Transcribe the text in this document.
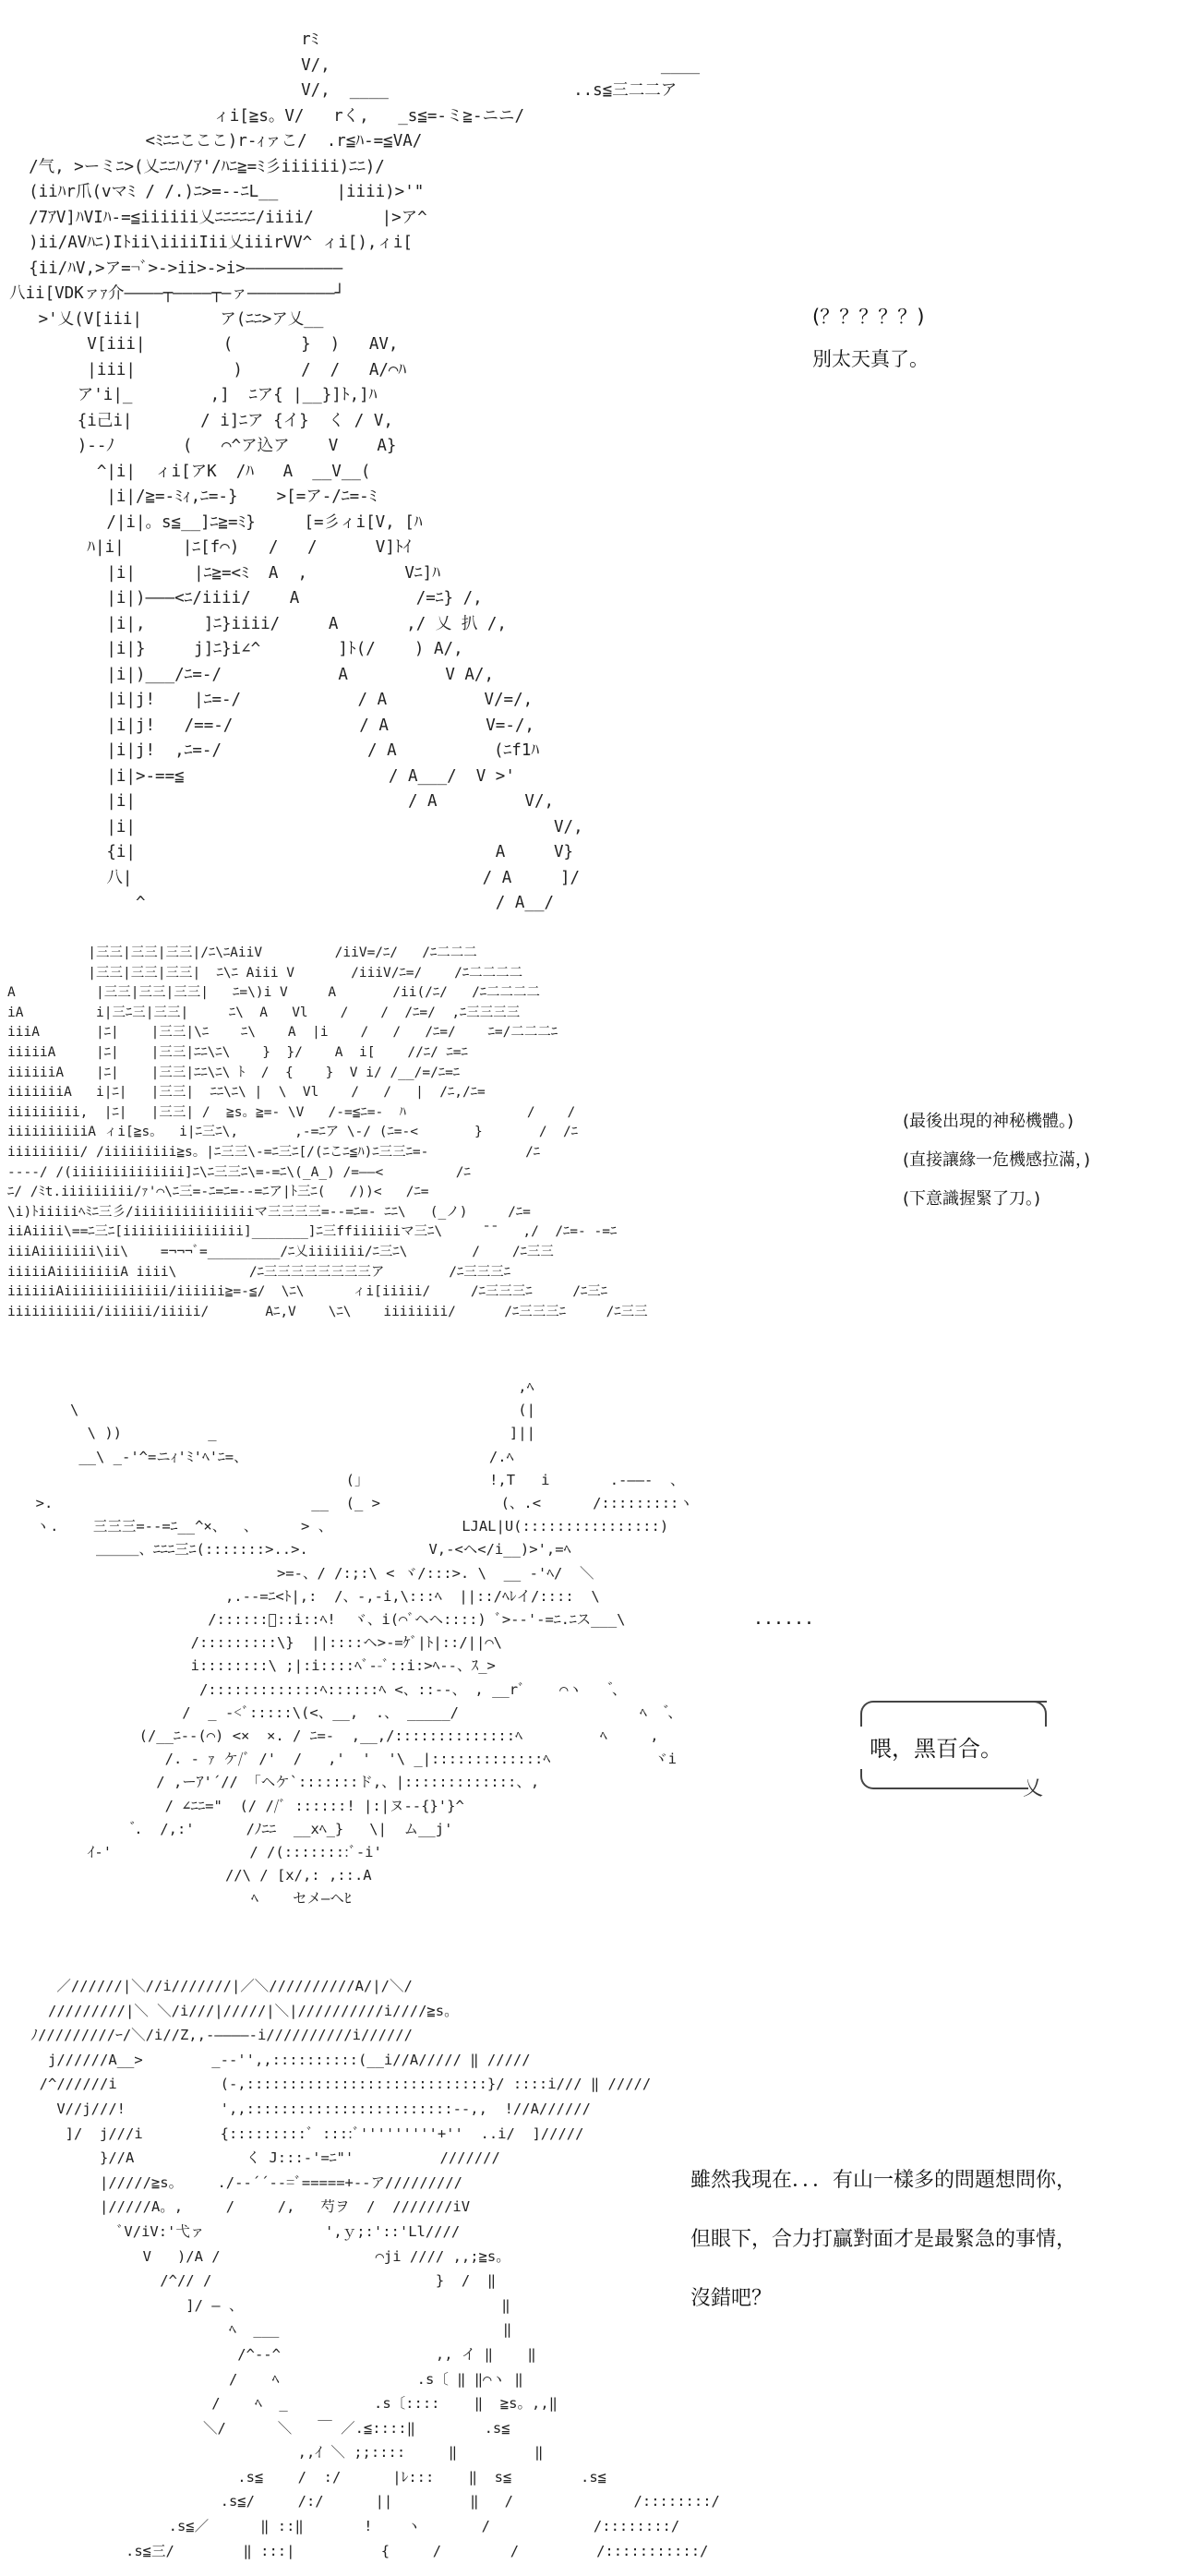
rﾐ
V/,                                  ____
V/,  ____                   ..s≦三二二ア
ィi[≧s。V/   rく,   _s≦=-ミ≧-ニニ/
<ﾐﾆﾆこここ)r-ｨァこ/  .r≦ﾊ-=≦VA/
/气, >ーミﾆ>(乂ﾆﾆﾊ/ｱ'/ﾊﾆ≧=ﾐ彡iiiiii)ﾆﾆ)/
(iiﾊr爪(vマﾐ / /.)ﾆ>=--ﾆL__      |iiii)>'"
/7ｱV]ﾊVIﾊ-=≦iiiiii乂ﾆﾆﾆﾆﾆ/iiii/       |>ア^
)ii/AVﾊﾆ)Iﾄii\iiiiIii乂iiirVV^ ィi[),ィi[
{ii/ﾊV,>ア=¬ﾞ>->ii>->i>――――――――――
八ii[VDKァｧ介――――┬――――┬―ァ―――――――――┘
>'乂(V[iii|        ア(ﾆﾆ>ア乂__
V[iii|        (       }  )   AV,
|iii|          )      /  /   A/⌒ﾊ
ア'i|_        ,]  ﾆア{ |__}]ﾄ,]ﾊ
{i己i|       / i]ﾆア {イ}  く / V,
)--ﾉ       (   ⌒^ア込ア    V    A}
^|i|  ィi[アK  /ﾊ   A  __V__(
|i|/≧=-ﾐｨ,ﾆ=-}    >[=ア-/ﾆ=-ﾐ
/|i|。s≦__]ﾆ≧=ﾐ}     [=彡ィi[V, [ﾊ
ﾊ|i|      |ﾆ[f⌒)   /   /      V]ﾄｲ
|i|      |ﾆ≧=<ﾐ  A  ,          Vﾆ]ﾊ
|i|)―――<ﾆ/iiii/    A            /=ﾆ} /,
|i|,      ]ﾆ}iiii/     A       ,/ 乂 扒 /,
|i|}     j]ﾆ}i∠^        ]ﾄ(/    ) A/,
|i|)___/ﾆ=-/            A          V A/,
|i|j!    |ﾆ=-/            / A          V/=/,
|i|j!   /==-/             / A          V=-/,
|i|j!  ,ﾆ=-/               / A          (ﾆf1ﾊ
|i|>-==≦                     / A___/  V >'
|i|                            / A         V/,
|i|                                           V/,
{i|                                     A     V}
八|                                    / A     ]/
^                                    / A__/
(？？？？？)
別太天真了。
|三三|三三|三三|/ﾆ\ﾆAiiV         /iiV=/ﾆ/   /ﾆ二二二
|三三|三三|三三|  ﾆ\ﾆ Aiii V       /iiiV/ﾆ=/    /ﾆ二二二二
A          |三三|三三|三三|   ﾆ=\)i V     A       /ii(/ﾆ/   /ﾆ二二二二
iA         i|三ﾆ三|三三|     ﾆ\  A   Vl    /    /  /ﾆ=/  ,ﾆ三三三三
iiiA       |ﾆ|    |三三|\ﾆ    ﾆ\    A  |i    /   /   /ﾆ=/    ﾆ=/二二二ﾆ
iiiiiA     |ﾆ|    |三三|ﾆﾆ\ﾆ\    }  }/    A  i[    //ﾆ/ ﾆ=ﾆ
iiiiiiA    |ﾆ|    |三三|ﾆﾆ\ﾆ\ ﾄ  /  {    }  V i/ /__/=/ﾆ=ﾆ
iiiiiiiA   i|ﾆ|   |三三|  ﾆﾆ\ﾆ\ |  \  Vl    /   /   |  /ﾆ,/ﾆ=
iiiiiiiii,  |ﾆ|   |三三| /  ≧s。≧=- \V   /-=≦ﾆ=-  ﾊ               /    /
iiiiiiiiiiA ィi[≧s。  i|ﾆ三ﾆ\,       ,-=ﾆア \-/ (ﾆ=-<       }       /  /ﾆ
iiiiiiiii/ /iiiiiiiii≧s。|ﾆ三三\-=ﾆ三ﾆ[/(ﾆこﾆ≦ﾊ)ﾆ三三ﾆ=-            /ﾆ
----/ /(iiiiiiiiiiiiii]ﾆ\ﾆ三三ﾆ\=-=ﾆ\(_A_) /=――<         /ﾆ
ﾆ/ /ﾐt.iiiiiiiii/ｧ'⌒\ﾆ三=-ﾆ=ﾆ=--=ﾆア|ﾄ三ﾆ(   /))<   /ﾆ=
\i)ﾄiiiiiﾍﾐﾆ三彡/iiiiiiiiiiiiiiiマ三三三三=--=ﾆ=- ﾆﾆ\   (_ノ)     /ﾆ=
iiAiiii\==ﾆ三ﾆ[iiiiiiiiiiiiiii]_______]ﾆ三ffiiiiiiマ三ﾆ\     ̄ ̄    ,/  /ﾆ=- -=ﾆ
iiiAiiiiiii\ii\    =¬¬¬ﾞ=_________/ﾆ乂iiiiiii/ﾆ三ﾆ\        /    /ﾆ三三
iiiiiAiiiiiiiiA iiii\         /ﾆ三三三三三三三三ア        /ﾆ三三三ﾆ
iiiiiiAiiiiiiiiiiiii/iiiiii≧=-≦/  \ﾆ\      ィi[iiiii/     /ﾆ三三三ﾆ     /ﾆ三ﾆ
iiiiiiiiiii/iiiiii/iiiii/       Aﾆ,V    \ﾆ\    iiiiiiii/      /ﾆ三三三ﾆ     /ﾆ三三
(最後出現的神秘機體。)
(直接讓緣一危機感拉滿，)
(下意識握緊了刀。)
,ﾍ
\                                                   (|
\ ))          _                                  ]||
__\ _-'^=ニｨ'ﾐ'ﾍ'ﾆ=、                            /.ﾍ
(」              !,T   i       .-――-  、
>.                              __  (_ >              (、.<      /:::::::::ヽ
ヽ.    三三三=--=ﾆ__^×、  、     > 、               LJAL|U(::::::::::::::::)
＿＿＿、ﾆﾆﾆ三ﾆ(:::::::>..>.              V,-<ヘ</i__)>',=ﾍ
>=-、/ /:;:\ < ヾ/:::>. \  __ -'ﾍ/  ＼
,.--=ﾆ<ﾄ|,:  /、-,-i,\:::ﾍ  ||::/ﾍﾚイ/::::  \
/::::::ﾞ::i::ﾍ!  ヾ、i(⌒ﾞヘヘ::::) ﾞ>--'-=ﾆ.ﾆス___\
/:::::::::\}  ||::::ヘ>-=ｹﾞ|ﾄ|::/||⌒\
i::::::::\ ;|:i::::ﾍﾞ--ﾞ::i:>ﾍ--、ｽ_>
/:::::::::::::ﾍ::::::ﾍ <、::--、 , __rﾞ    ⌒ヽ    ゙、
/  _ -<ﾞ:::::\(<、__,  .、 _____/                     ﾍ   ゙、
(/__ﾆ--(⌒) <×  ×. / ﾆ=-  ,__,/::::::::::::::ﾍ         ﾍ     ,
/. - ｧ ケ/ﾞ /'  /   ,'  '  '\ _|:::::::::::::ﾍ            ヾi
/ ,ーｱ'´// 「ヘケ`:::::::ド,、|:::::::::::::、,
/ ∠ﾆﾆ="  (/ //ﾞ ::::::! |:|ヌ--{}'}^
゙.  /,:'      /ﾉﾆﾆ  __xﾍ_}   \|  ム__j'
ｲ-'                / /(::::::::ﾞ-i'
//\ / [x/,: ,::.A
ﾍ    セメ―ヘﾋ
......
乂
喂，黑百合。
／//////|＼//i///////|／＼//////////A/|/＼/
/////////|＼ ＼/i///|/////|＼|//////////i////≧s。
ﾉ/////////ｰ/＼/i//Z,,-――――-i//////////i//////
j//////A__>        _--'',,::::::::::(__i//A///// ‖ /////
/^//////i            (-,::::::::::::::::::::::::::::}/ ::::i/// ‖ /////
V//j///!           ',,::::::::::::::::::::::::--,,  !//A//////
]/  j///i         {:::::::::ﾞ ::::ﾞ'''''''''+''  ..i/  ]/////
}//A             く J:::-'=ﾆ"'          ///////
|/////≧s。    ./--´´--=ﾞ=====+--ア/////////
|/////A。,     /     /,   芍ヲ  /  ///////iV
ﾞV/iV:'弋ァ              ',ｙ;:'::'Ll////
V   )/A /                  ⌒ji //// ,,;≧s。
/^// /                          }  /  ‖
]/ ― 、                              ‖
ﾍ  ___                          ‖
/^--^                  ,, イ ‖    ‖
/    ﾍ                .s〔 ‖ ‖⌒ヽ ‖
/    ﾍ  _          .s〔::::    ‖  ≧s。,,‖
＼/      ＼   ￣ ／.≦::::‖        .s≦
,,ｲ ＼ ;;::::     ‖         ‖
.s≦    /  :/      |ﾚ:::    ‖  s≦        .s≦
.s≦/     /:/      ||         ‖   /              /::::::::/
.s≦／      ‖ ::‖       !    ヽ       /            /::::::::/
.s≦三/        ‖ :::|          {     /        /         /:::::::::::/
雖然我現在．．．有山一樣多的問題想問你，
但眼下，合力打贏對面才是最緊急的事情，
沒錯吧？
